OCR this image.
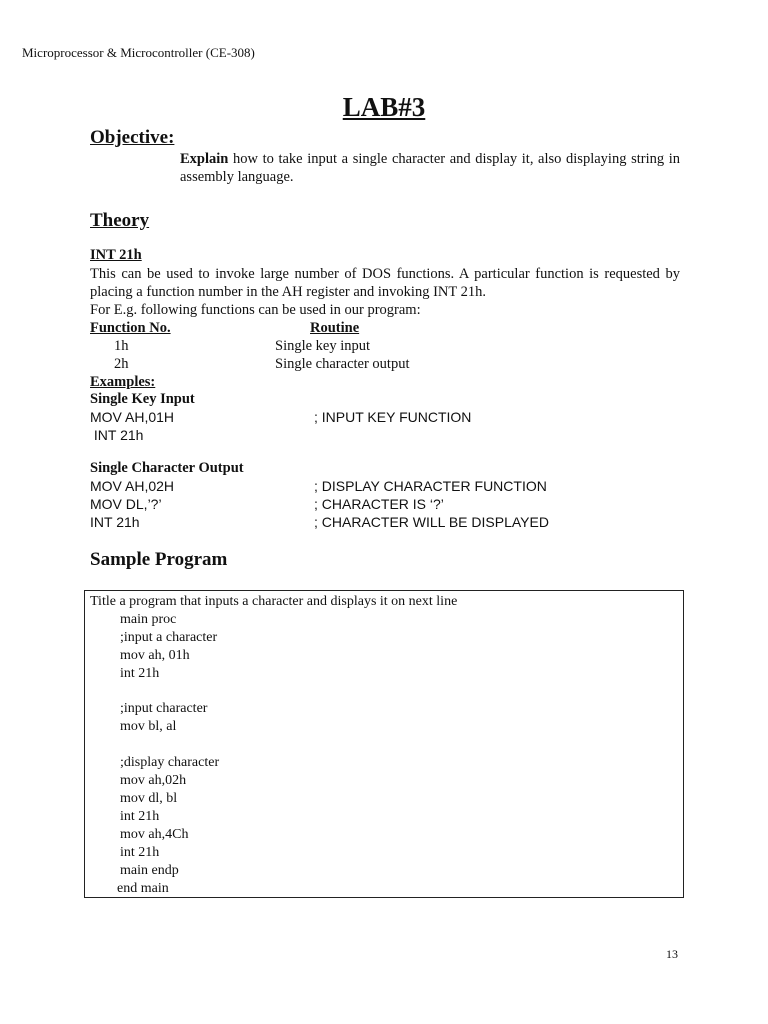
Microprocessor & Microcontroller (CE-308)
LAB#3
Objective:
Explain how to take input a single character and display it, also displaying string in assembly language.
Theory
INT 21h
This can be used to invoke large number of DOS functions. A particular function is requested by placing a function number in the AH register and invoking INT 21h.
For E.g. following functions can be used in our program:
Function No.	Routine
1h	Single key input
2h	Single character output
Examples:
Single Key Input
MOV AH,01H	; INPUT KEY FUNCTION
INT 21h
Single Character Output
MOV AH,02H	; DISPLAY CHARACTER FUNCTION
MOV DL,’?’	; CHARACTER IS ‘?’
INT 21h	; CHARACTER WILL BE DISPLAYED
Sample Program
Title a program that inputs a character and displays it on next line
main proc
;input a character
mov ah, 01h
int 21h
;input character
mov bl, al
;display character
mov ah,02h
mov dl, bl
int 21h
mov ah,4Ch
int 21h
main endp
end main
13
